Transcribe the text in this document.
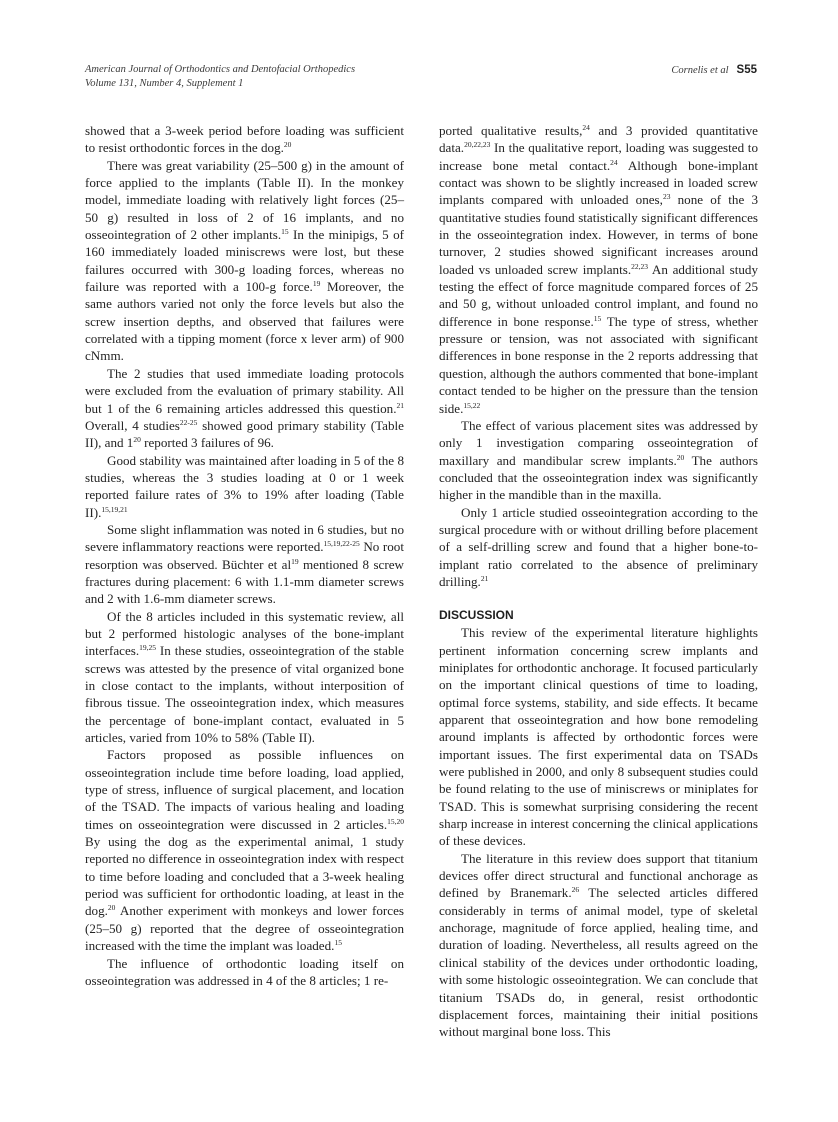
American Journal of Orthodontics and Dentofacial Orthopedics
Volume 131, Number 4, Supplement 1
Cornelis et al S55

showed that a 3-week period before loading was sufficient to resist orthodontic forces in the dog.$^{20}$

There was great variability (25–500 g) in the amount of force applied to the implants (Table II). In the monkey model, immediate loading with relatively light forces (25–50 g) resulted in loss of 2 of 16 implants, and no osseointegration of 2 other implants.$^{15}$ In the minipigs, 5 of 160 immediately loaded miniscrews were lost, but these failures occurred with 300-g loading forces, whereas no failure was reported with a 100-g force.$^{19}$ Moreover, the same authors varied not only the force levels but also the screw insertion depths, and observed that failures were correlated with a tipping moment (force x lever arm) of 900 cNmm.

The 2 studies that used immediate loading protocols were excluded from the evaluation of primary stability. All but 1 of the 6 remaining articles addressed this question.$^{21}$ Overall, 4 studies$^{22-25}$ showed good primary stability (Table II), and $1^{20}$ reported 3 failures of 96.

Good stability was maintained after loading in 5 of the 8 studies, whereas the 3 studies loading at 0 or 1 week reported failure rates of 3% to 19% after loading (Table II).$^{15,19,21}$

Some slight inflammation was noted in 6 studies, but no severe inflammatory reactions were reported.$^{15,19,22-25}$ No root resorption was observed. Büchter et $al^{19}$ mentioned 8 screw fractures during placement: 6 with 1.1-mm diameter screws and 2 with 1.6-mm diameter screws.

Of the 8 articles included in this systematic review, all but 2 performed histologic analyses of the bone-implant interfaces.$^{19,25}$ In these studies, osseointegration of the stable screws was attested by the presence of vital organized bone in close contact to the implants, without interposition of fibrous tissue. The osseointegration index, which measures the percentage of bone-implant contact, evaluated in 5 articles, varied from 10% to 58% (Table II).

Factors proposed as possible influences on osseointegration include time before loading, load applied, type of stress, influence of surgical placement, and location of the TSAD. The impacts of various healing and loading times on osseointegration were discussed in 2 articles.$^{15,20}$ By using the dog as the experimental animal, 1 study reported no difference in osseointegration index with respect to time before loading and concluded that a 3-week healing period was sufficient for orthodontic loading, at least in the dog.$^{20}$ Another experiment with monkeys and lower forces (25–50 g) reported that the degree of osseointegration increased with the time the implant was loaded.$^{15}$

The influence of orthodontic loading itself on osseointegration was addressed in 4 of the 8 articles; 1 re-

ported qualitative results,$^{24}$ and 3 provided quantitative data.$^{20,22,23}$ In the qualitative report, loading was suggested to increase bone metal contact.$^{24}$ Although bone-implant contact was shown to be slightly increased in loaded screw implants compared with unloaded ones,$^{23}$ none of the 3 quantitative studies found statistically significant differences in the osseointegration index. However, in terms of bone turnover, 2 studies showed significant increases around loaded vs unloaded screw implants.$^{22,23}$ An additional study testing the effect of force magnitude compared forces of 25 and 50 g, without unloaded control implant, and found no difference in bone response.$^{15}$ The type of stress, whether pressure or tension, was not associated with significant differences in bone response in the 2 reports addressing that question, although the authors commented that bone-implant contact tended to be higher on the pressure than the tension side.$^{15,22}$

The effect of various placement sites was addressed by only 1 investigation comparing osseointegration of maxillary and mandibular screw implants.$^{20}$ The authors concluded that the osseointegration index was significantly higher in the mandible than in the maxilla.

Only 1 article studied osseointegration according to the surgical procedure with or without drilling before placement of a self-drilling screw and found that a higher bone-to-implant ratio correlated to the absence of preliminary drilling.$^{21}$

DISCUSSION

This review of the experimental literature highlights pertinent information concerning screw implants and miniplates for orthodontic anchorage. It focused particularly on the important clinical questions of time to loading, optimal force systems, stability, and side effects. It became apparent that osseointegration and how bone remodeling around implants is affected by orthodontic forces were important issues. The first experimental data on TSADs were published in 2000, and only 8 subsequent studies could be found relating to the use of miniscrews or miniplates for TSAD. This is somewhat surprising considering the recent sharp increase in interest concerning the clinical applications of these devices.

The literature in this review does support that titanium devices offer direct structural and functional anchorage as defined by Branemark.$^{26}$ The selected articles differed considerably in terms of animal model, type of skeletal anchorage, magnitude of force applied, healing time, and duration of loading. Nevertheless, all results agreed on the clinical stability of the devices under orthodontic loading, with some histologic osseointegration. We can conclude that titanium TSADs do, in general, resist orthodontic displacement forces, maintaining their initial positions without marginal bone loss. This
